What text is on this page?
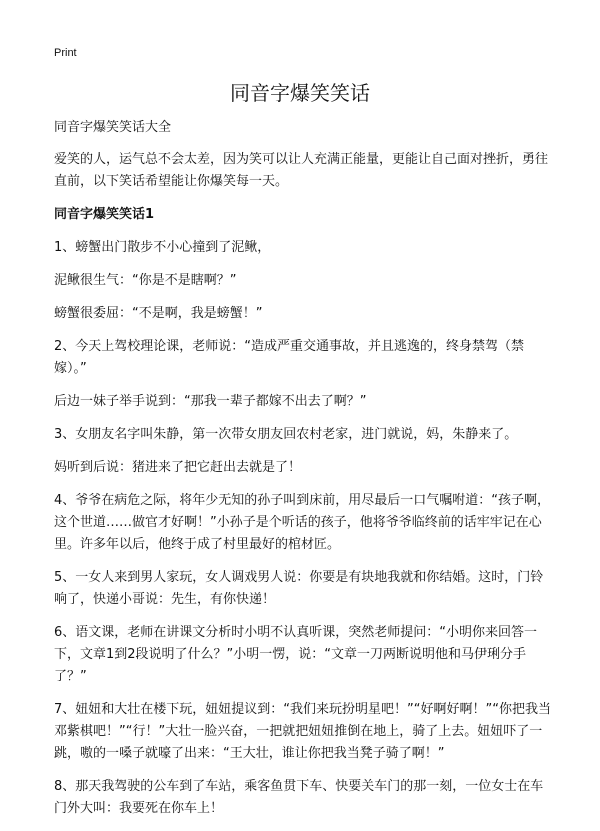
Print
同音字爆笑笑话

同音字爆笑笑话大全

爱笑的人，运气总不会太差，因为笑可以让人充满正能量，更能让自己面对挫折，勇往直前，以下笑话希望能让你爆笑每一天。

同音字爆笑笑话1

1、螃蟹出门散步不小心撞到了泥鳅，

泥鳅很生气：“你是不是瞎啊？”

螃蟹很委屈：“不是啊，我是螃蟹！”

2、今天上驾校理论课，老师说：“造成严重交通事故，并且逃逸的，终身禁驾（禁嫁）。”

后边一妹子举手说到：“那我一辈子都嫁不出去了啊？”

3、女朋友名字叫朱静，第一次带女朋友回农村老家，进门就说，妈，朱静来了。

妈听到后说：猪进来了把它赶出去就是了！

4、爷爷在病危之际，将年少无知的孙子叫到床前，用尽最后一口气嘱咐道：“孩子啊，这个世道……做官才好啊！”小孙子是个听话的孩子，他将爷爷临终前的话牢牢记在心里。许多年以后，他终于成了村里最好的棺材匠。

5、一女人来到男人家玩，女人调戏男人说：你要是有块地我就和你结婚。这时，门铃响了，快递小哥说：先生，有你快递！

6、语文课，老师在讲课文分析时小明不认真听课，突然老师提问：“小明你来回答一下，文章1到2段说明了什么？”小明一愣，说：“文章一刀两断说明他和马伊琍分手了？”

7、妞妞和大壮在楼下玩，妞妞提议到：“我们来玩扮明星吧！”“好啊好啊！”“你把我当邓紫棋吧！”“行！”大壮一脸兴奋，一把就把妞妞推倒在地上，骑了上去。妞妞吓了一跳，嗷的一嗓子就嚎了出来：“王大壮，谁让你把我当凳子骑了啊！”

8、那天我驾驶的公车到了车站，乘客鱼贯下车、快要关车门的那一刻，一位女士在车门外大叫：我要死在你车上！
